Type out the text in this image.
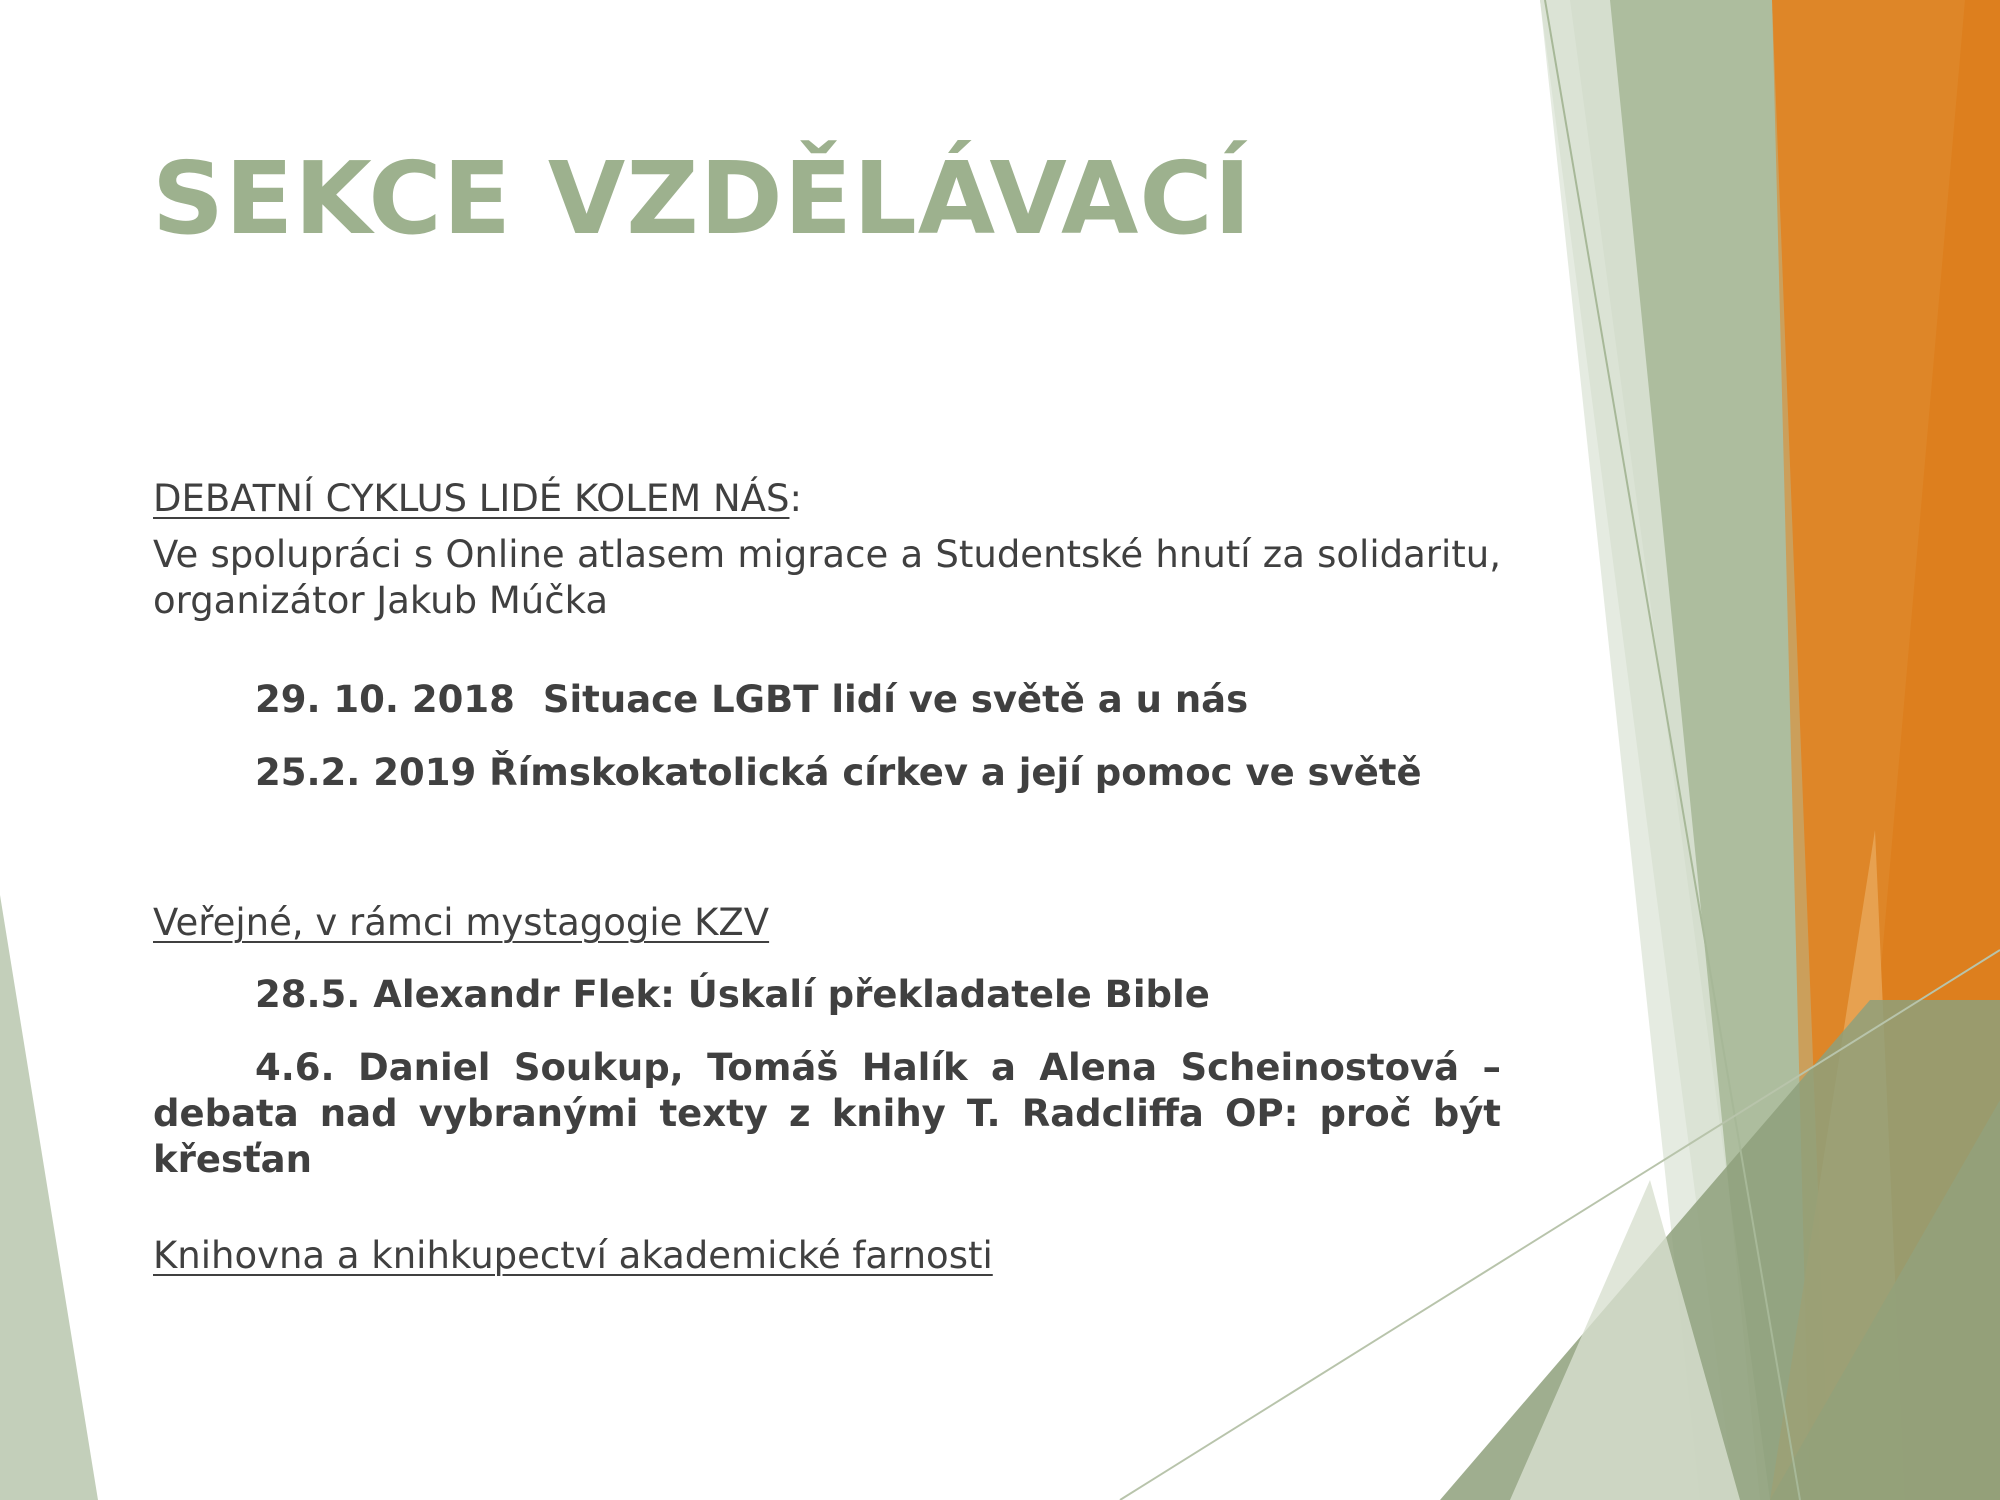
SEKCE VZDĚLÁVACÍ

DEBATNÍ CYKLUS LIDÉ KOLEM NÁS:

Ve spolupráci s Online atlasem migrace a Studentské hnutí za solidaritu, organizátor Jakub Múčka

29. 10. 2018 Situace LGBT lidí ve světě a u nás

25.2. 2019 Římskokatolická církev a její pomoc ve světě

Veřejné, v rámci mystagogie KZV

28.5. Alexandr Flek: Úskalí překladatele Bible

4.6. Daniel Soukup, Tomáš Halík a Alena Scheinostová – debata nad vybranými texty z knihy T. Radcliffa OP: proč být křesťan

Knihovna a knihkupectví akademické farnosti
